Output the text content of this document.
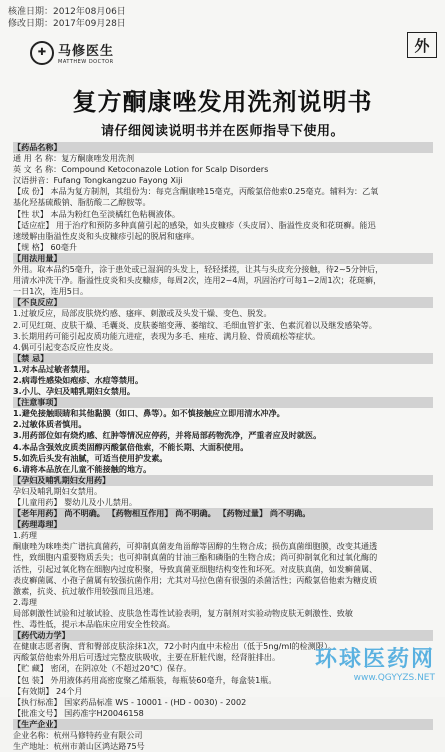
核准日期：2012年08月06日
修改日期：2017年09月28日
✚ 马修医生
MATTHEW DOCTOR
外
复方酮康唑发用洗剂说明书
请仔细阅读说明书并在医师指导下使用。
【药品名称】
通 用 名 称：复方酮康唑发用洗剂
英 文 名 称：Compound Ketoconazole Lotion for Scalp Disorders
汉语拼音：Fufang Tongkangzuo Fayong Xiji
【成 份】 本品为复方制剂，其组份为：每克含酮康唑15毫克，丙酸氯倍他索0.25毫克。辅料为：乙氧
基化羟基硫酸钠、脂肪酸二乙醇胺等。
【性 状】 本品为粉红色至淡橘红色粘稠液体。
【适应症】 用于治疗和预防多种真菌引起的感染，如头皮糠疹（头皮屑）、脂溢性皮炎和花斑癣。能迅
速缓解由脂溢性皮炎和头皮糠疹引起的脱屑和瘙痒。
【规 格】 60毫升
【用法用量】
外用。取本品约5毫升，涂于患处或已湿润的头发上，轻轻揉搓，让其与头皮充分接触，待2~5分钟后，
用清水冲洗干净。脂溢性皮炎和头皮糠疹，每周2次，连用2~4周，巩固治疗可每1~2周1次；花斑癣，
一日1次，连用5日。
【不良反应】
1.过敏反应，局部皮肤烧灼感、瘙痒、刺激或及头发干燥、变色、脱发。
2.可见红斑、皮肤干燥、毛囊炎、皮肤萎缩变薄、萎缩纹、毛细血管扩张、色素沉着以及继发感染等。
3.长期用药可能引起皮质功能亢进症，表现为多毛、痤疮、满月脸、骨质疏松等症状。
4.偶可引起变态反应性皮炎。
【禁 忌】
1.对本品过敏者禁用。
2.病毒性感染如疱疹、水痘等禁用。
3.小儿、孕妇及哺乳期妇女禁用。
【注意事项】
1.避免接触眼睛和其他黏膜（如口、鼻等）。如不慎接触应立即用清水冲净。
2.过敏体质者慎用。
3.用药部位如有烧灼感、红肿等情况应停药，并将局部药物洗净，严重者应及时就医。
4.本品含强效皮质类固醇丙酸氯倍他索，不能长期、大面积使用。
5.如洗后头发有油腻，可适当使用护发素。
6.请将本品放在儿童不能接触的地方。
【孕妇及哺乳期妇女用药】
孕妇及哺乳期妇女禁用。
【儿童用药】 婴幼儿及小儿禁用。
【老年用药】 尚不明确。 【药物相互作用】 尚不明确。 【药物过量】 尚不明确。
【药理毒理】
1.药理
酮康唑为咪唑类广谱抗真菌药，可抑制真菌麦角甾醇等固醇的生物合成；损伤真菌细胞膜，改变其通透
性，致细胞内重要物质丢失；也可抑制真菌的甘油三酯和磷脂的生物合成；尚可抑制氧化和过氧化酶的
活性，引起过氧化物在细胞内过度积聚，导致真菌亚细胞结构变性和坏死。对皮肤真菌，如发癣菌属、
表皮癣菌属、小孢子菌属有较强抗菌作用；尤其对马拉色菌有很强的杀菌活性；丙酸氯倍他索为糖皮质
激素，抗炎、抗过敏作用较强而且迅速。
2.毒理
局部刺激性试验和过敏试验、皮肤急性毒性试验表明，复方制剂对实验动物皮肤无刺激性、致敏
性、毒性低，提示本品临床应用安全性较高。
【药代动力学】
在健康志愿者胸、背和臀部皮肤涂抹1次，72小时内血中未检出（低于5ng/ml的检测限）。
丙酸氯倍他索外用后可透过完整皮肤吸收，主要在肝脏代谢，经肾脏排出。
【贮 藏】 密闭，在阴凉处（不超过20℃）保存。
【包 装】 外用液体药用高密度聚乙烯瓶装，每瓶装60毫升，每盒装1瓶。
【有效期】 24个月
【执行标准】 国家药品标准 WS - 10001 - (HD - 0030) - 2002
【批准文号】 国药准字H20046158
【生产企业】
企业名称：杭州马修特药业有限公司
生产地址：杭州市萧山区鸿达路75号
环球医药网
www.QGYYZS.NET
